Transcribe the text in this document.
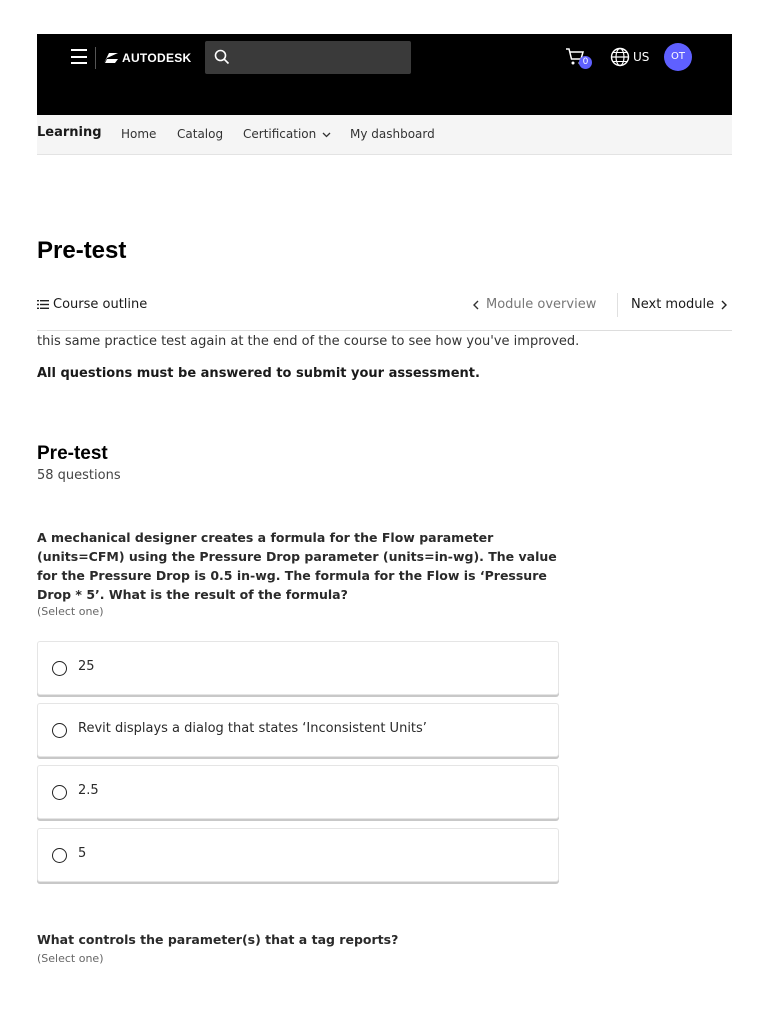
AUTODESK	0	US	OT
Learning Home Catalog Certification	My dashboard
Pre-test
Course outline	Module overview	Next module

this same practice test again at the end of the course to see how you've improved.

All questions must be answered to submit your assessment.

Pre-test
58 questions
A mechanical designer creates a formula for the Flow parameter (units=CFM) using the Pressure Drop parameter (units=in-wg). The value for the Pressure Drop is 0.5 in-wg. The formula for the Flow is ‘Pressure Drop * 5’. What is the result of the formula?
(Select one)
25
Revit displays a dialog that states ‘Inconsistent Units’
2.5
5
What controls the parameter(s) that a tag reports?
(Select one)
